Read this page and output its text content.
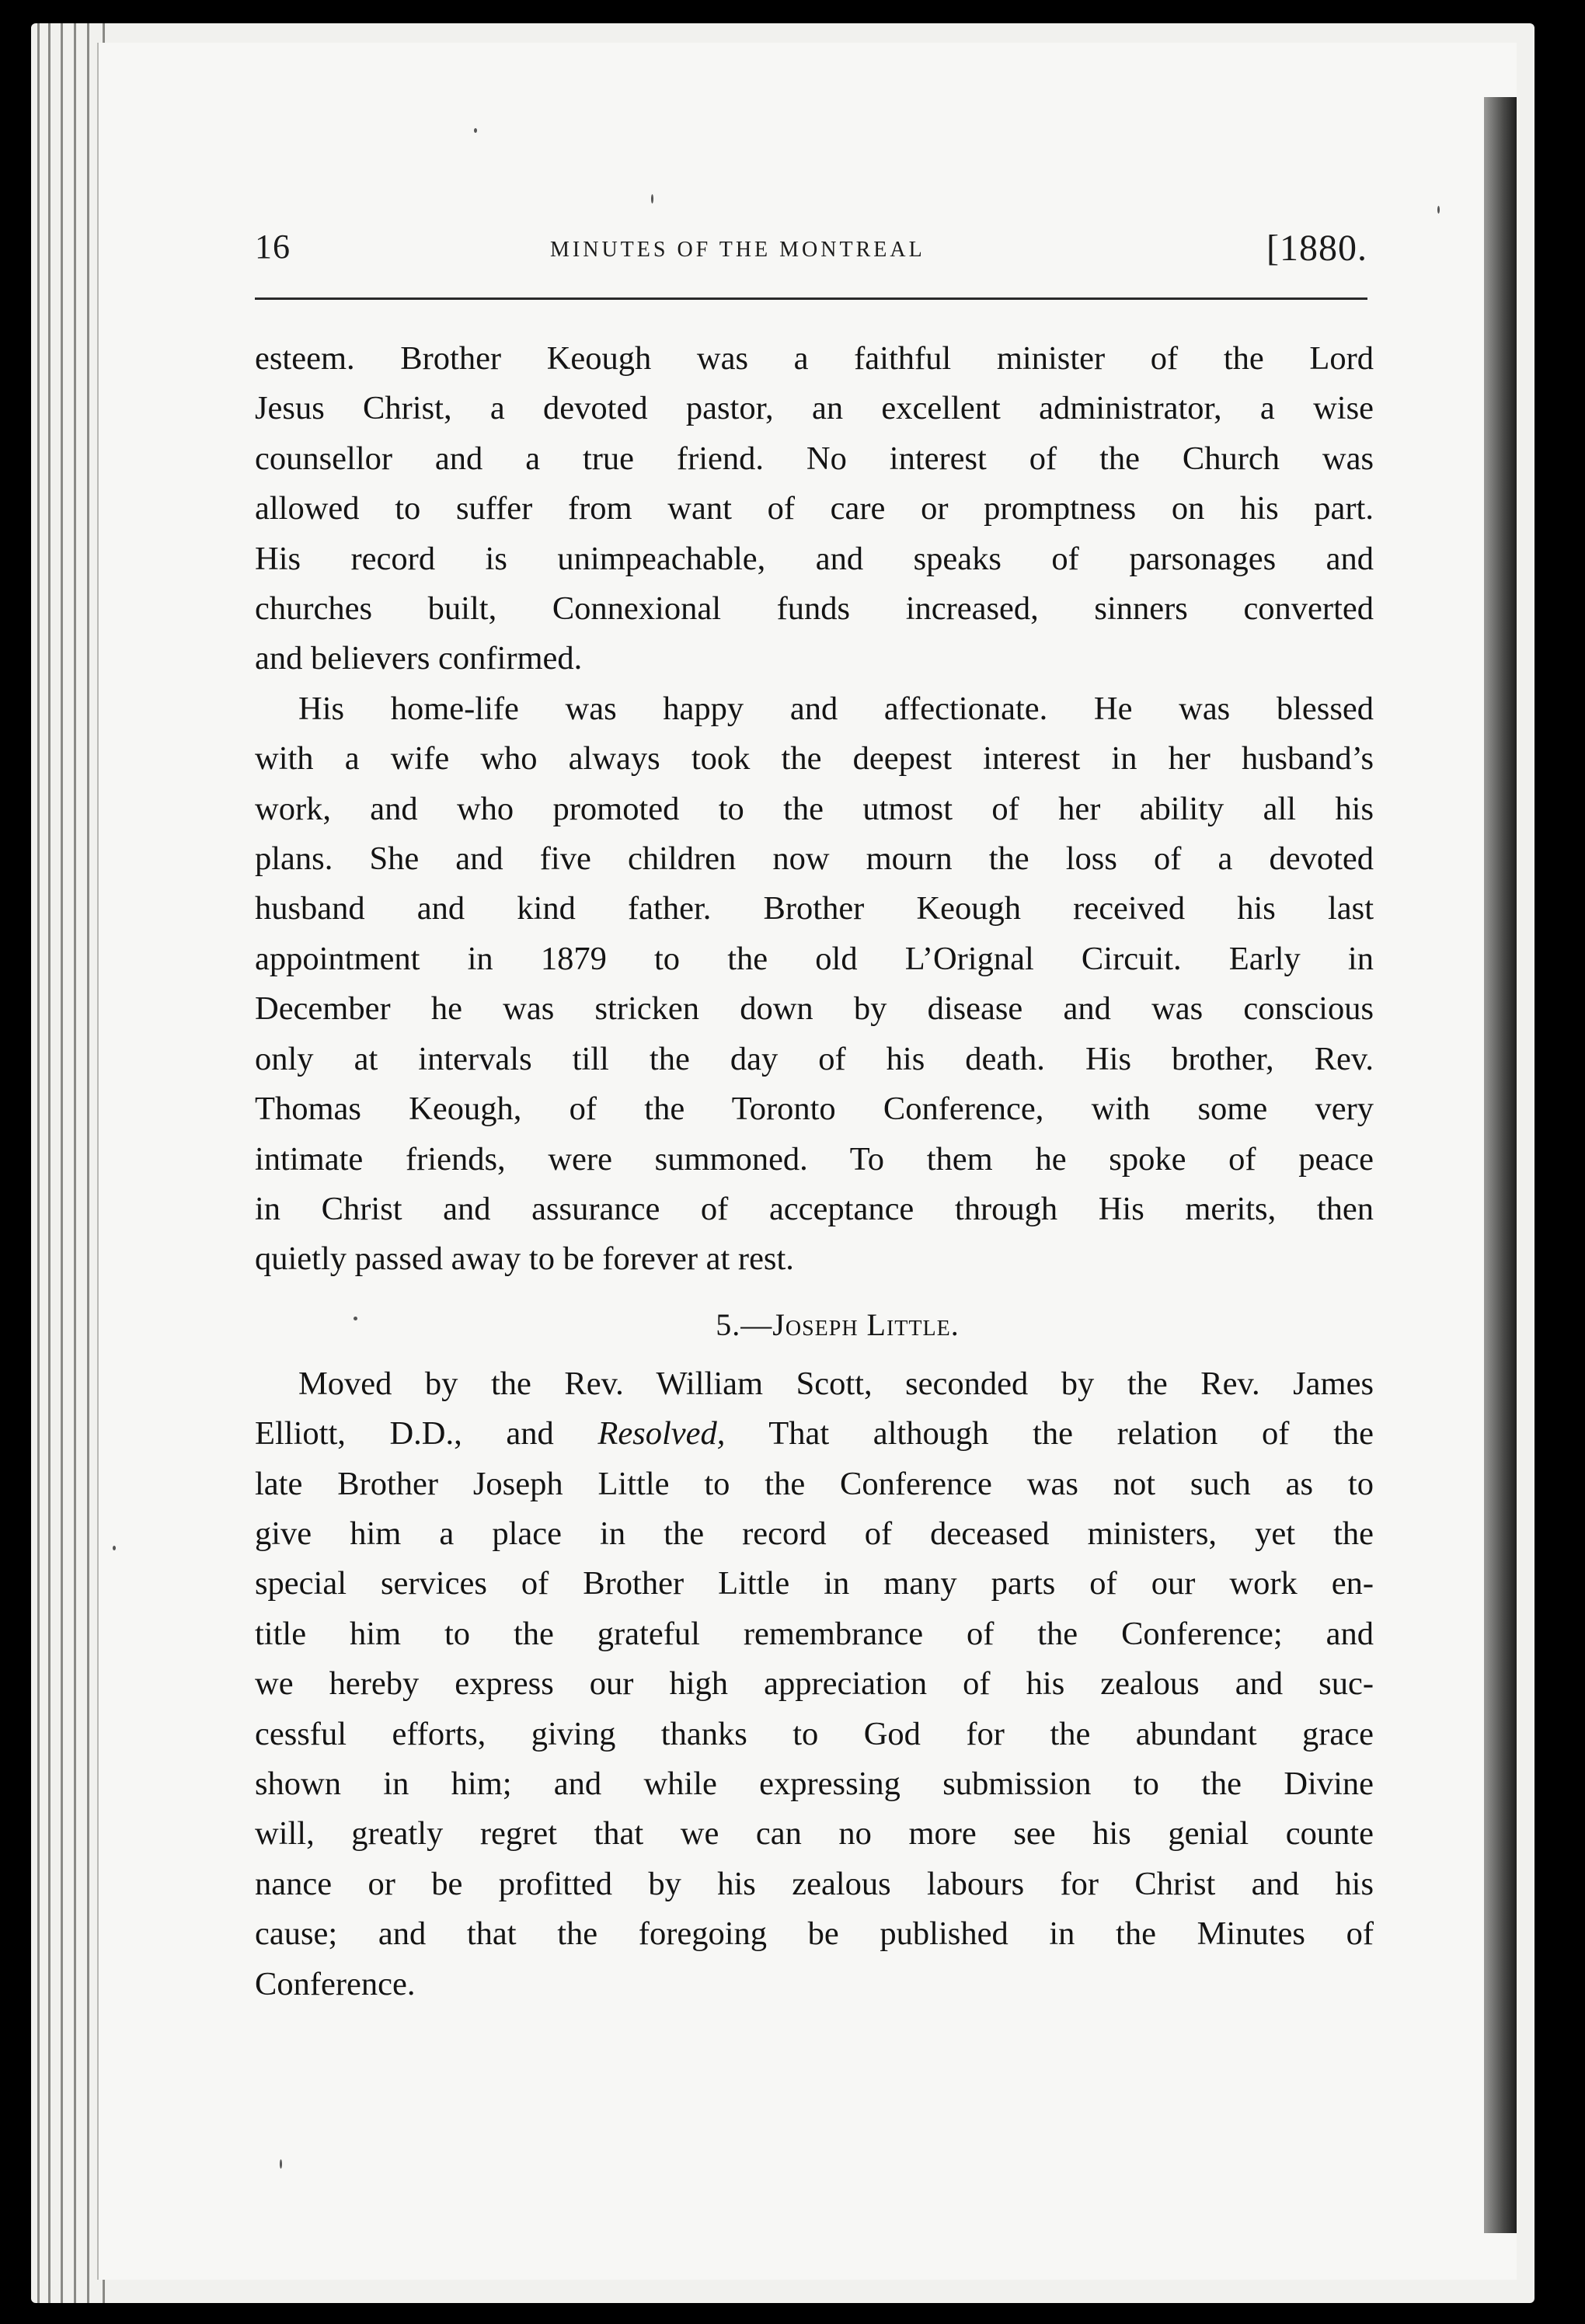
16	MINUTES OF THE MONTREAL	[1880.

esteem. Brother Keough was a faithful minister of the Lord
Jesus Christ, a devoted pastor, an excellent administrator, a wise
counsellor and a true friend. No interest of the Church was
allowed to suffer from want of care or promptness on his part.
His record is unimpeachable, and speaks of parsonages and
churches built, Connexional funds increased, sinners converted
and believers confirmed.

His home-life was happy and affectionate. He was blessed
with a wife who always took the deepest interest in her husband’s
work, and who promoted to the utmost of her ability all his
plans. She and five children now mourn the loss of a devoted
husband and kind father. Brother Keough received his last
appointment in 1879 to the old L’Orignal Circuit. Early in
December he was stricken down by disease and was conscious
only at intervals till the day of his death. His brother, Rev.
Thomas Keough, of the Toronto Conference, with some very
intimate friends, were summoned. To them he spoke of peace
in Christ and assurance of acceptance through His merits, then
quietly passed away to be forever at rest.

5.—Joseph Little.

Moved by the Rev. William Scott, seconded by the Rev. James
Elliott, D.D., and Resolved, That although the relation of the
late Brother Joseph Little to the Conference was not such as to
give him a place in the record of deceased ministers, yet the
special services of Brother Little in many parts of our work en-
title him to the grateful remembrance of the Conference; and
we hereby express our high appreciation of his zealous and suc-
cessful efforts, giving thanks to God for the abundant grace
shown in him; and while expressing submission to the Divine
will, greatly regret that we can no more see his genial counte
nance or be profitted by his zealous labours for Christ and his
cause; and that the foregoing be published in the Minutes of
Conference.
